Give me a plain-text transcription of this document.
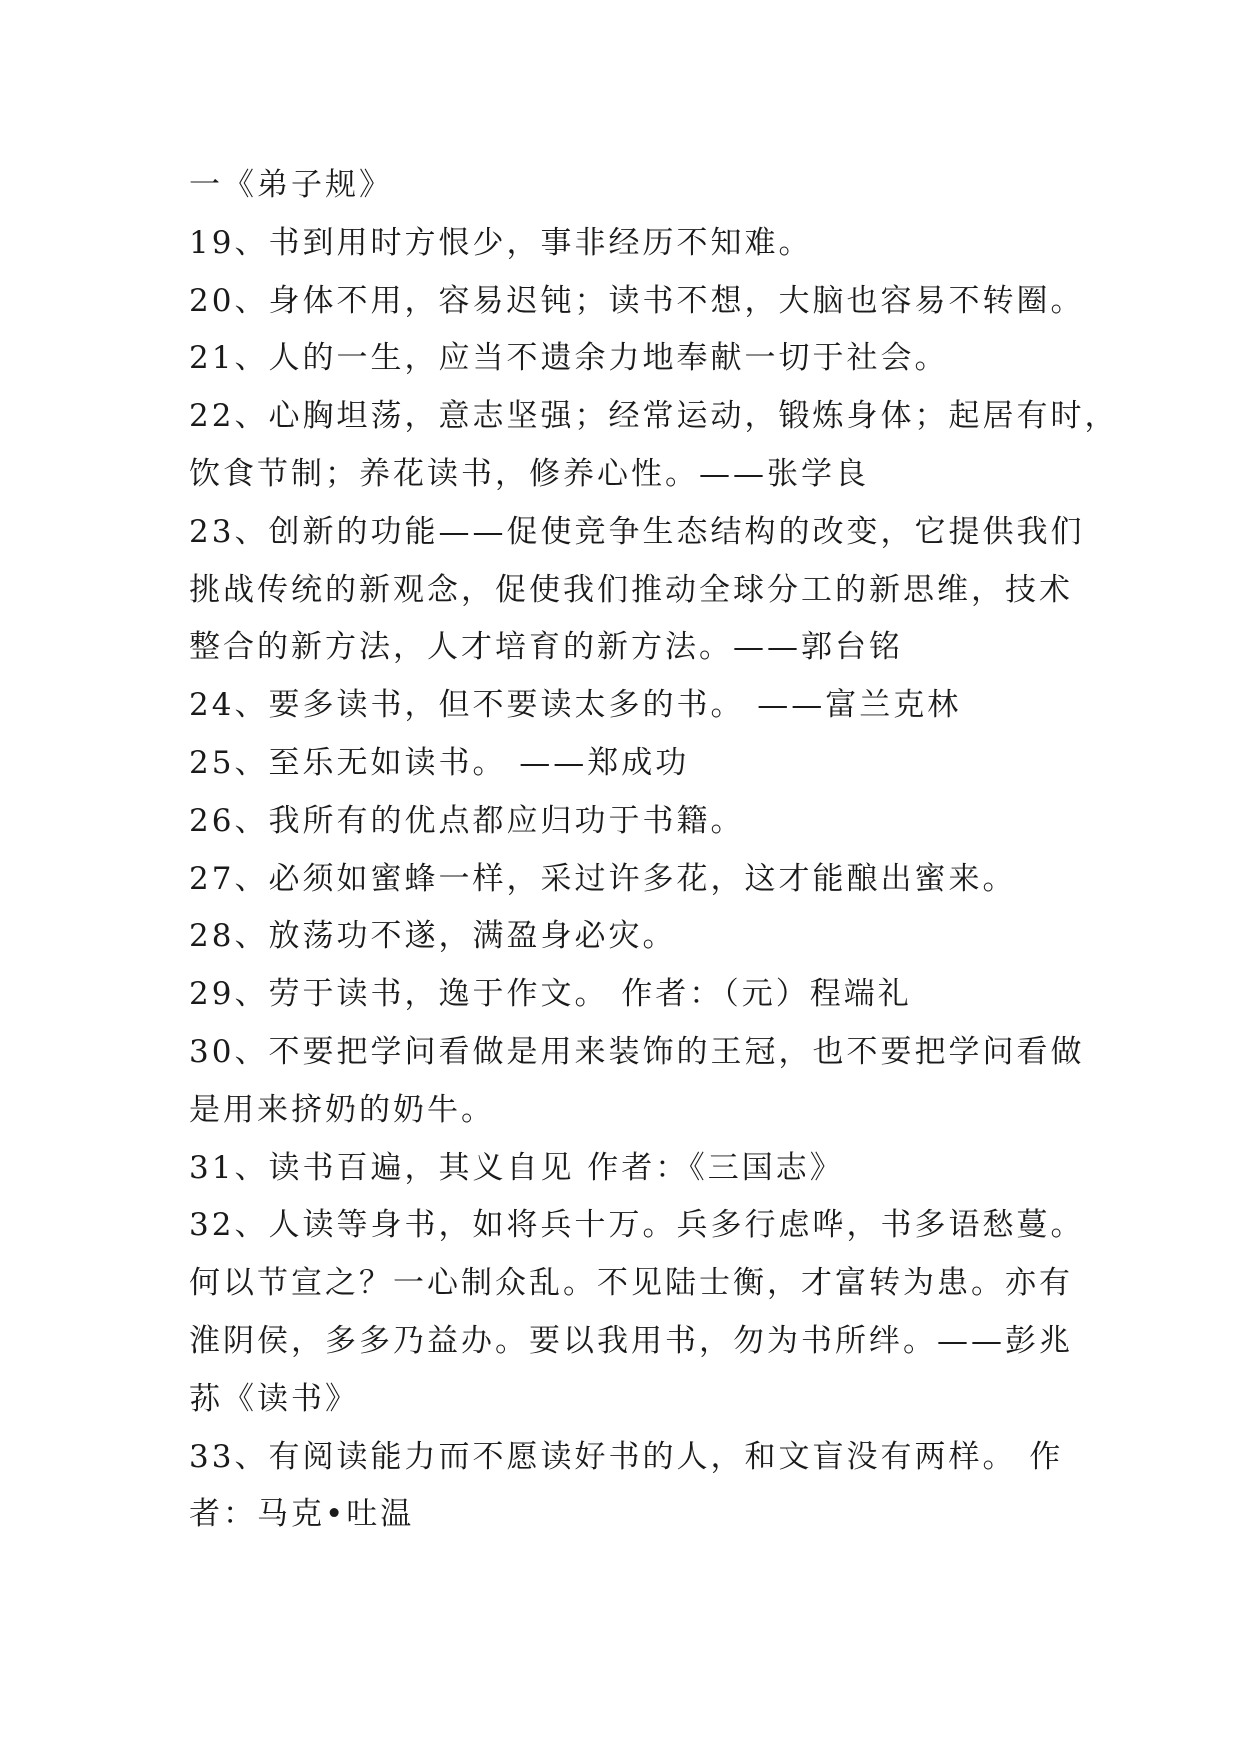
一《弟子规》
19、书到用时方恨少，事非经历不知难。
20、身体不用，容易迟钝；读书不想，大脑也容易不转圈。
21、人的一生，应当不遗余力地奉献一切于社会。
22、心胸坦荡，意志坚强；经常运动，锻炼身体；起居有时，
饮食节制；养花读书，修养心性。——张学良
23、创新的功能——促使竞争生态结构的改变，它提供我们
挑战传统的新观念，促使我们推动全球分工的新思维，技术
整合的新方法，人才培育的新方法。——郭台铭
24、要多读书，但不要读太多的书。 ——富兰克林
25、至乐无如读书。 ——郑成功
26、我所有的优点都应归功于书籍。
27、必须如蜜蜂一样，采过许多花，这才能酿出蜜来。
28、放荡功不遂，满盈身必灾。
29、劳于读书，逸于作文。 作者：（元）程端礼
30、不要把学问看做是用来装饰的王冠，也不要把学问看做
是用来挤奶的奶牛。
31、读书百遍，其义自见 作者：《三国志》
32、人读等身书，如将兵十万。兵多行虑哗，书多语愁蔓。
何以节宣之？一心制众乱。不见陆士衡，才富转为患。亦有
淮阴侯，多多乃益办。要以我用书，勿为书所绊。——彭兆
荪《读书》
33、有阅读能力而不愿读好书的人，和文盲没有两样。 作
者：马克•吐温
